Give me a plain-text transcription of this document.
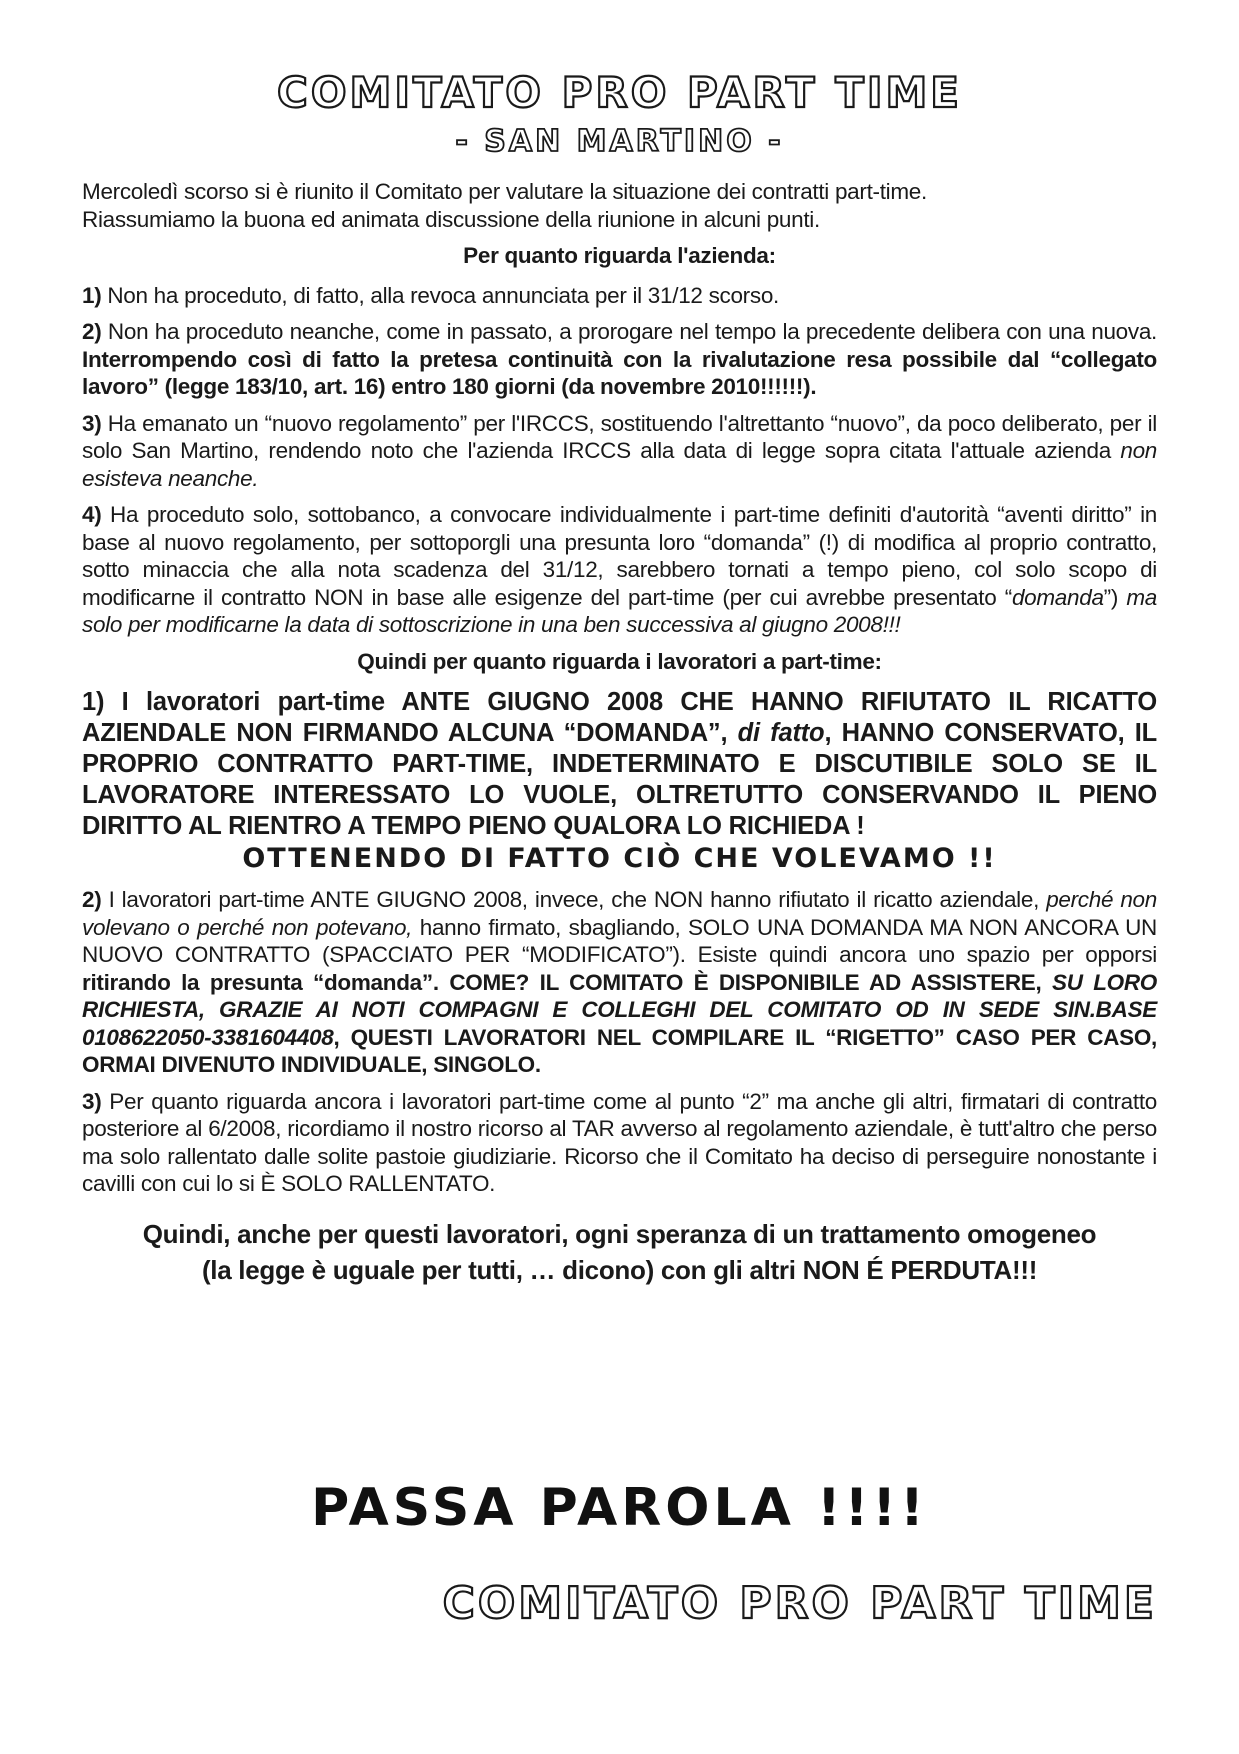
COMITATO PRO PART TIME
- SAN MARTINO -

Mercoledì scorso si è riunito il Comitato per valutare la situazione dei contratti part-time.
Riassumiamo la buona ed animata discussione della riunione in alcuni punti.

Per quanto riguarda l'azienda:

1) Non ha proceduto, di fatto, alla revoca annunciata per il 31/12 scorso.

2) Non ha proceduto neanche, come in passato, a prorogare nel tempo la precedente delibera con una nuova. Interrompendo così di fatto la pretesa continuità con la rivalutazione resa possibile dal “collegato lavoro” (legge 183/10, art. 16) entro 180 giorni (da novembre 2010!!!!!!).

3) Ha emanato un “nuovo regolamento” per l'IRCCS, sostituendo l'altrettanto “nuovo”, da poco deliberato, per il solo San Martino, rendendo noto che l'azienda IRCCS alla data di legge sopra citata l'attuale azienda non esisteva neanche.

4) Ha proceduto solo, sottobanco, a convocare individualmente i part-time definiti d'autorità “aventi diritto” in base al nuovo regolamento, per sottoporgli una presunta loro “domanda” (!) di modifica al proprio contratto, sotto minaccia che alla nota scadenza del 31/12, sarebbero tornati a tempo pieno, col solo scopo di modificarne il contratto NON in base alle esigenze del part-time (per cui avrebbe presentato “domanda”) ma solo per modificarne la data di sottoscrizione in una ben successiva al giugno 2008!!!

Quindi per quanto riguarda i lavoratori a part-time:

1) I lavoratori part-time ANTE GIUGNO 2008 CHE HANNO RIFIUTATO IL RICATTO AZIENDALE NON FIRMANDO ALCUNA “DOMANDA”, di fatto, HANNO CONSERVATO, IL PROPRIO CONTRATTO PART-TIME, INDETERMINATO E DISCUTIBILE SOLO SE IL LAVORATORE INTERESSATO LO VUOLE, OLTRETUTTO CONSERVANDO IL PIENO DIRITTO AL RIENTRO A TEMPO PIENO QUALORA LO RICHIEDA !

OTTENENDO DI FATTO CIÒ CHE VOLEVAMO !!

2) I lavoratori part-time ANTE GIUGNO 2008, invece, che NON hanno rifiutato il ricatto aziendale, perché non volevano o perché non potevano, hanno firmato, sbagliando, SOLO UNA DOMANDA MA NON ANCORA UN NUOVO CONTRATTO (SPACCIATO PER “MODIFICATO”). Esiste quindi ancora uno spazio per opporsi ritirando la presunta “domanda”. COME? IL COMITATO È DISPONIBILE AD ASSISTERE, SU LORO RICHIESTA, GRAZIE AI NOTI COMPAGNI E COLLEGHI DEL COMITATO OD IN SEDE SIN.BASE 0108622050-3381604408, QUESTI LAVORATORI NEL COMPILARE IL “RIGETTO” CASO PER CASO, ORMAI DIVENUTO INDIVIDUALE, SINGOLO.

3) Per quanto riguarda ancora i lavoratori part-time come al punto “2” ma anche gli altri, firmatari di contratto posteriore al 6/2008, ricordiamo il nostro ricorso al TAR avverso al regolamento aziendale, è tutt'altro che perso ma solo rallentato dalle solite pastoie giudiziarie. Ricorso che il Comitato ha deciso di perseguire nonostante i cavilli con cui lo si È SOLO RALLENTATO.

Quindi, anche per questi lavoratori, ogni speranza di un trattamento omogeneo
(la legge è uguale per tutti, … dicono) con gli altri NON É PERDUTA!!!

PASSA PAROLA !!!!
COMITATO PRO PART TIME
